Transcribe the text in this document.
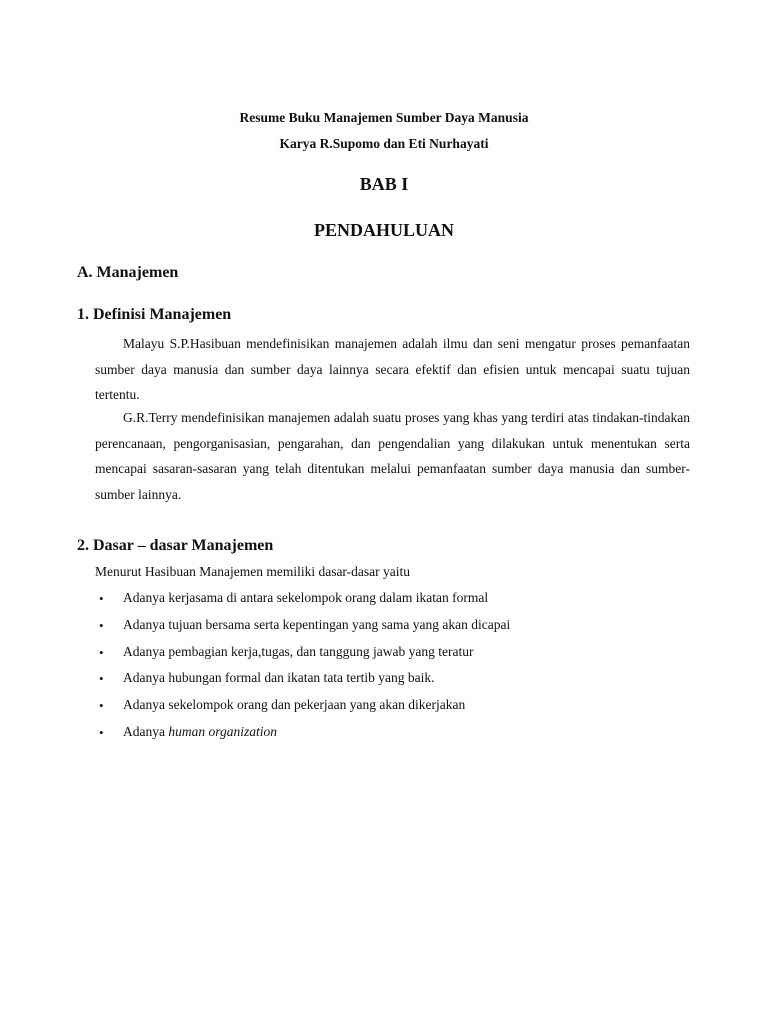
Resume Buku Manajemen Sumber Daya Manusia
Karya R.Supomo dan Eti Nurhayati
BAB I
PENDAHULUAN
A. Manajemen
1. Definisi Manajemen

Malayu S.P.Hasibuan mendefinisikan manajemen adalah ilmu dan seni mengatur proses pemanfaatan sumber daya manusia dan sumber daya lainnya secara efektif dan efisien untuk mencapai suatu tujuan tertentu.

G.R.Terry mendefinisikan manajemen adalah suatu proses yang khas yang terdiri atas tindakan-tindakan perencanaan, pengorganisasian, pengarahan, dan pengendalian yang dilakukan untuk menentukan serta mencapai sasaran-sasaran yang telah ditentukan melalui pemanfaatan sumber daya manusia dan sumber-sumber lainnya.

2. Dasar – dasar Manajemen
Menurut Hasibuan Manajemen memiliki dasar-dasar yaitu
• Adanya kerjasama di antara sekelompok orang dalam ikatan formal
• Adanya tujuan bersama serta kepentingan yang sama yang akan dicapai
• Adanya pembagian kerja,tugas, dan tanggung jawab yang teratur
• Adanya hubungan formal dan ikatan tata tertib yang baik.
• Adanya sekelompok orang dan pekerjaan yang akan dikerjakan
• Adanya human organization
